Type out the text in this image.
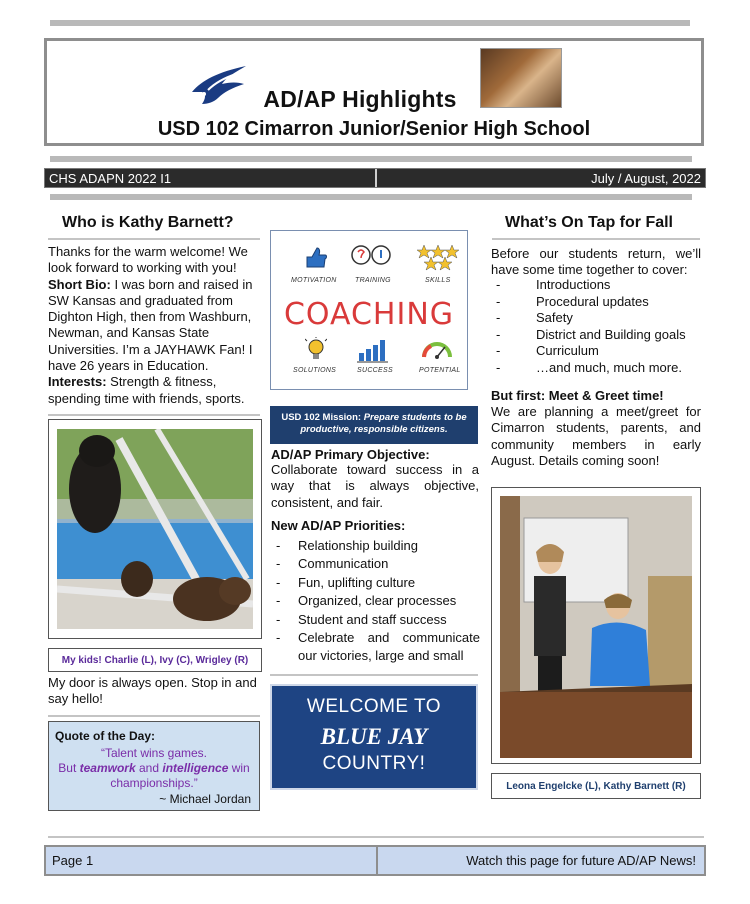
AD/AP Highlights
USD 102 Cimarron Junior/Senior High School
CHS ADAPN 2022 I1	July / August, 2022
Who is Kathy Barnett?
Thanks for the warm welcome! We look forward to working with you!
Short Bio: I was born and raised in SW Kansas and graduated from Dighton High, then from Washburn, Newman, and Kansas State Universities. I’m a JAYHAWK Fan! I have 26 years in Education.
Interests: Strength & fitness, spending time with friends, sports.
My kids! Charlie (L), Ivy (C), Wrigley (R)
My door is always open. Stop in and say hello!
Quote of the Day:
“Talent wins games.
But teamwork and intelligence win
championships.”
~ Michael Jordan
MOTIVATION	TRAINING	SKILLS
COACHING
SOLUTIONS	SUCCESS	POTENTIAL
USD 102 Mission: Prepare students to be productive, responsible citizens.
AD/AP Primary Objective:
Collaborate toward success in a way that is always objective, consistent, and fair.
New AD/AP Priorities:
- Relationship building
- Communication
- Fun, uplifting culture
- Organized, clear processes
- Student and staff success
- Celebrate and communicate our victories, large and small
WELCOME TO
BLUE JAY
COUNTRY!
What’s On Tap for Fall
Before our students return, we’ll have some time together to cover:
- Introductions
- Procedural updates
- Safety
- District and Building goals
- Curriculum
- …and much, much more.
But first: Meet & Greet time!
We are planning a meet/greet for Cimarron students, parents, and community members in early August. Details coming soon!
Leona Engelcke (L), Kathy Barnett (R)
Page 1	Watch this page for future AD/AP News!
